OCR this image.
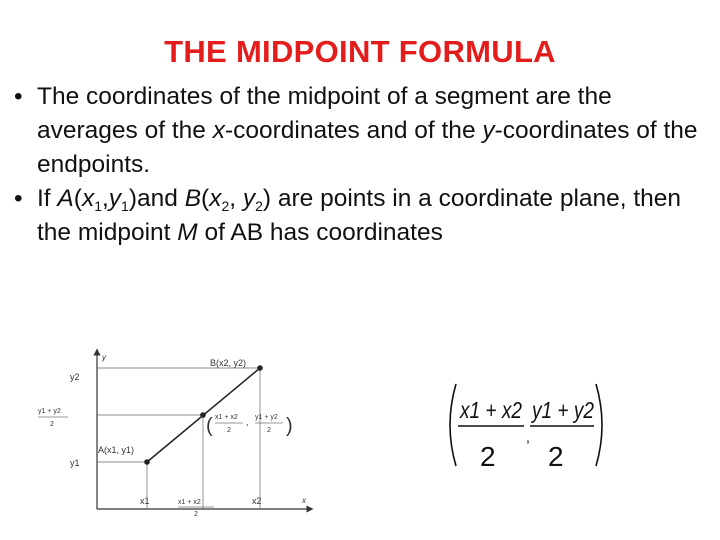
THE MIDPOINT FORMULA
• The coordinates of the midpoint of a segment are the averages of the x-coordinates and of the y-coordinates of the endpoints.
• If $A(x_1,y_1)and$ $B(x_2$, $y_2$) are points in a coordinate plane, then the midpoint M of AB has coordinates
y
x
y2
y1 + y2
2
y1
x1	x1 + x2
2
x2
A(x1, y1)
B(x2, y2)
( x1 + x2
2
, y1 + y2
2 )
x1 + x2
2
,
y1 + y2
2
